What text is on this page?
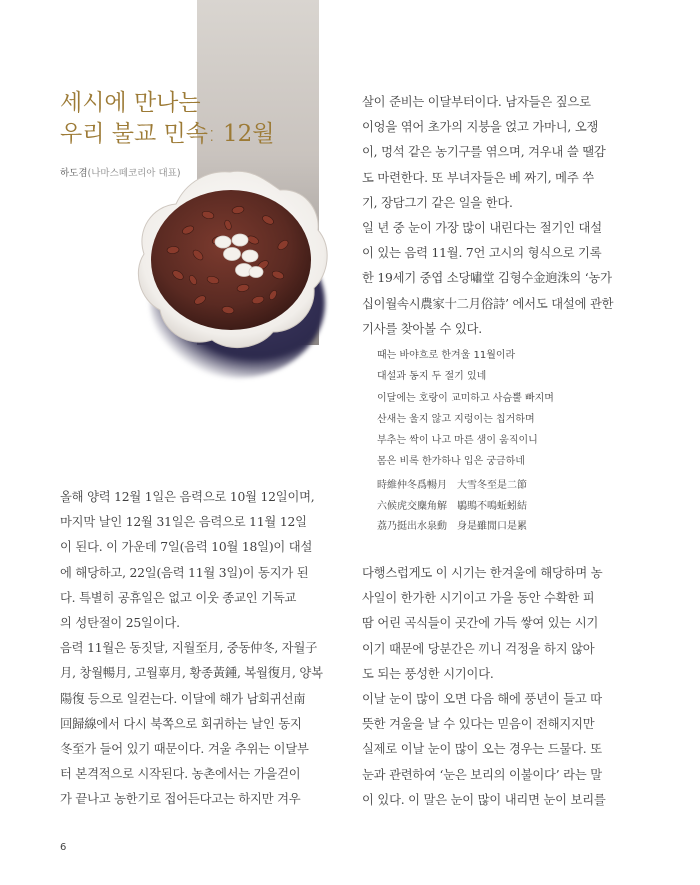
세시에 만나는
우리 불교 민속: 12월
하도겸(나마스떼코리아 대표)
살이 준비는 이달부터이다. 남자들은 짚으로
이엉을 엮어 초가의 지붕을 얹고 가마니, 오쟁
이, 멍석 같은 농기구를 엮으며, 겨우내 쓸 땔감
도 마련한다. 또 부녀자들은 베 짜기, 메주 쑤
기, 장담그기 같은 일을 한다.
일 년 중 눈이 가장 많이 내린다는 절기인 대설
이 있는 음력 11월. 7언 고시의 형식으로 기록
한 19세기 중엽 소당嘯堂 김형수金逈洙의 ‘농가
십이월속시農家十二月俗詩’ 에서도 대설에 관한
기사를 찾아볼 수 있다.
때는 바야흐로 한겨울 11월이라
대설과 동지 두 절기 있네
이달에는 호랑이 교미하고 사슴뿔 빠지며
산새는 울지 않고 지렁이는 칩거하며
부추는 싹이 나고 마른 샘이 움직이니
몸은 비록 한가하나 입은 궁금하네
時維仲冬爲暢月　大雪冬至是二節
六候虎交麋角解　鶡鴠不鳴蚯蚓結
荔乃挺出水泉動　身是雖閒口是累
올해 양력 12월 1일은 음력으로 10월 12일이며,
마지막 날인 12월 31일은 음력으로 11월 12일
이 된다. 이 가운데 7일(음력 10월 18일)이 대설
에 해당하고, 22일(음력 11월 3일)이 동지가 된
다. 특별히 공휴일은 없고 이웃 종교인 기독교
의 성탄절이 25일이다.
음력 11월은 동짓달, 지월至月, 중동仲冬, 자월子
月, 창월暢月, 고월辜月, 황종黃鍾, 복월復月, 양복
陽復 등으로 일컫는다. 이달에 해가 남회귀선南
回歸線에서 다시 북쪽으로 회귀하는 날인 동지
冬至가 들어 있기 때문이다. 겨울 추위는 이달부
터 본격적으로 시작된다. 농촌에서는 가을걷이
가 끝나고 농한기로 접어든다고는 하지만 겨우
다행스럽게도 이 시기는 한겨울에 해당하며 농
사일이 한가한 시기이고 가을 동안 수확한 피
땀 어린 곡식들이 곳간에 가득 쌓여 있는 시기
이기 때문에 당분간은 끼니 걱정을 하지 않아
도 되는 풍성한 시기이다.
이날 눈이 많이 오면 다음 해에 풍년이 들고 따
뜻한 겨울을 날 수 있다는 믿음이 전해지지만
실제로 이날 눈이 많이 오는 경우는 드물다. 또
눈과 관련하여 ‘눈은 보리의 이불이다’ 라는 말
이 있다. 이 말은 눈이 많이 내리면 눈이 보리를
6
